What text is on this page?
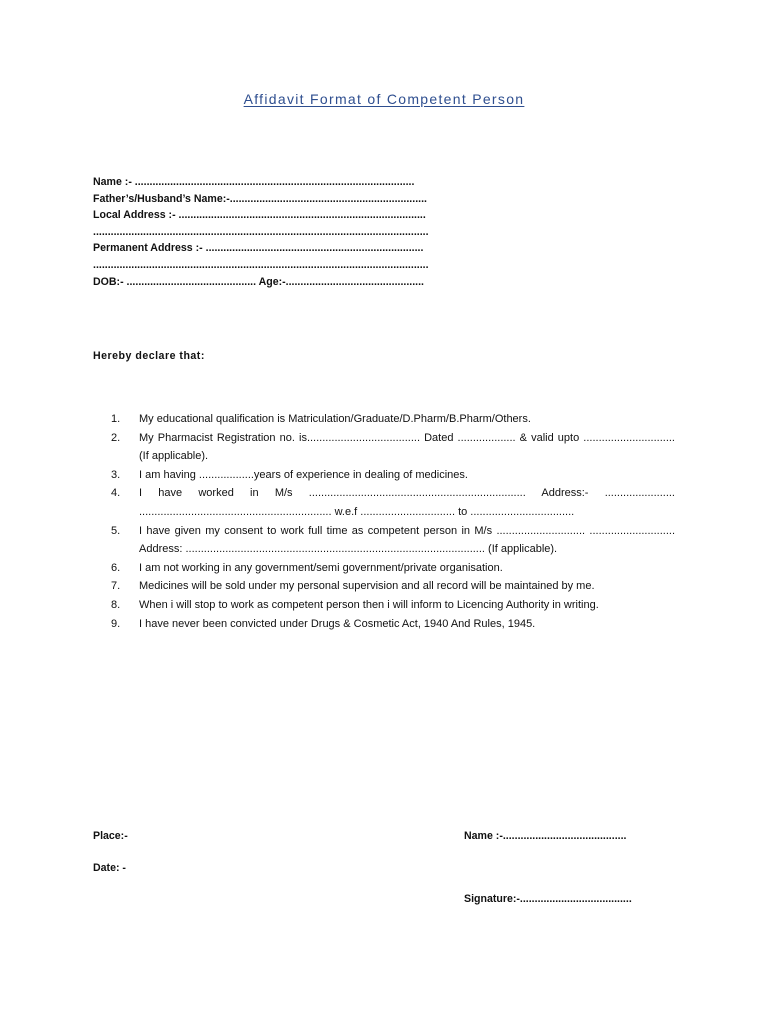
Affidavit Format of Competent Person
Name :- ...............................................................................................
Father’s/Husband’s Name:-...................................................................
Local Address :- ....................................................................................
..................................................................................................................
Permanent Address :- ..........................................................................
..................................................................................................................
DOB:- ............................................ Age:-...............................................
Hereby declare that:
1.	My educational qualification is Matriculation/Graduate/D.Pharm/B.Pharm/Others.
2.	My Pharmacist Registration no. is..................................... Dated ................... & valid upto .............................. (If applicable).
3.	I am having ..................years of experience in dealing of medicines.
4.	I have worked in M/s ....................................................................... Address:- ....................... ............................................................... w.e.f ............................... to ..................................
5.	I have given my consent to work full time as competent person in M/s ............................. ............................ Address: .................................................................................................. (If applicable).
6.	I am not working in any government/semi government/private organisation.
7.	Medicines will be sold under my personal supervision and all record will be maintained by me.
8.	When i will stop to work as competent person then i will inform to Licencing Authority in writing.
9.	I have never been convicted under Drugs & Cosmetic Act, 1940 And Rules, 1945.
Place:-
Date: -
Name :-..........................................
Signature:-......................................
